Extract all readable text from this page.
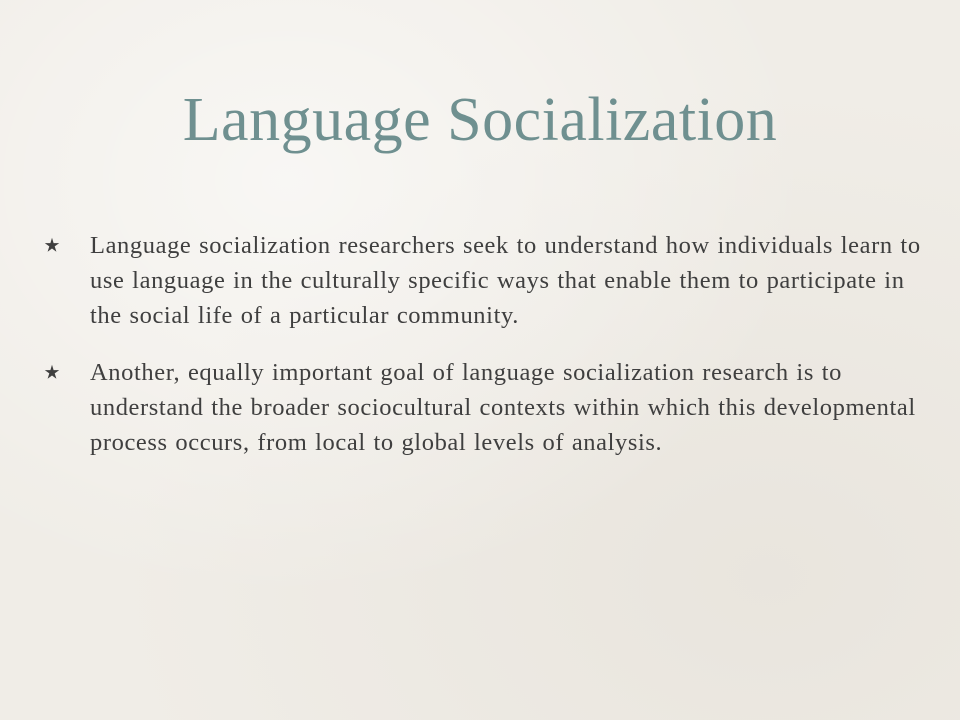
Language Socialization
Language socialization researchers seek to understand how individuals learn to use language in the culturally specific ways that enable them to participate in the social life of a particular community.
Another, equally important goal of language socialization research is to understand the broader sociocultural contexts within which this developmental process occurs, from local to global levels of analysis.
